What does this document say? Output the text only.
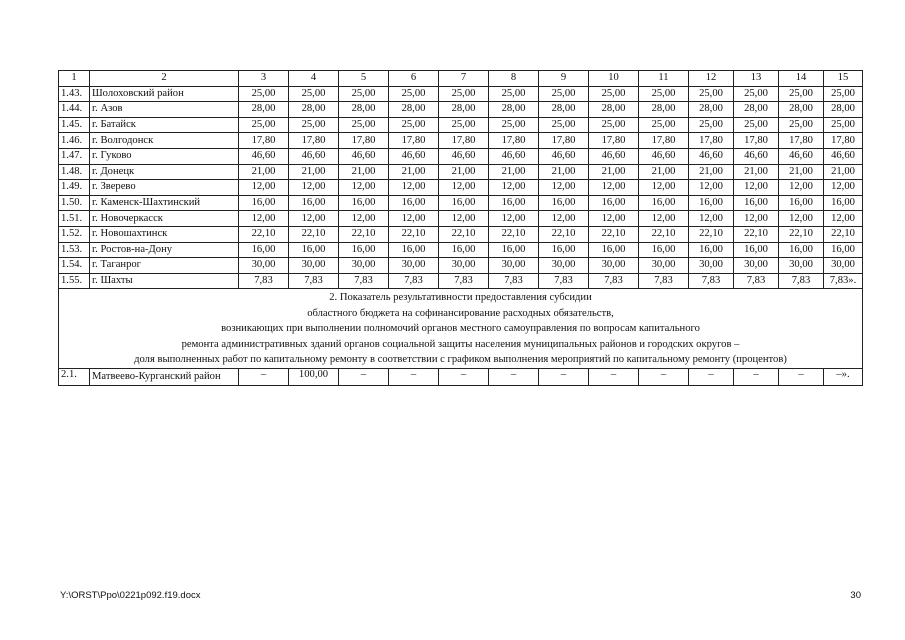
1	2	3	4	5	6	7	8	9	10	11	12	13	14	15
1.43.	Шолоховский район	25,00	25,00	25,00	25,00	25,00	25,00	25,00	25,00	25,00	25,00	25,00	25,00	25,00
1.44.	г. Азов	28,00	28,00	28,00	28,00	28,00	28,00	28,00	28,00	28,00	28,00	28,00	28,00	28,00
1.45.	г. Батайск	25,00	25,00	25,00	25,00	25,00	25,00	25,00	25,00	25,00	25,00	25,00	25,00	25,00
1.46.	г. Волгодонск	17,80	17,80	17,80	17,80	17,80	17,80	17,80	17,80	17,80	17,80	17,80	17,80	17,80
1.47.	г. Гуково	46,60	46,60	46,60	46,60	46,60	46,60	46,60	46,60	46,60	46,60	46,60	46,60	46,60
1.48.	г. Донецк	21,00	21,00	21,00	21,00	21,00	21,00	21,00	21,00	21,00	21,00	21,00	21,00	21,00
1.49.	г. Зверево	12,00	12,00	12,00	12,00	12,00	12,00	12,00	12,00	12,00	12,00	12,00	12,00	12,00
1.50.	г. Каменск-Шахтинский	16,00	16,00	16,00	16,00	16,00	16,00	16,00	16,00	16,00	16,00	16,00	16,00	16,00
1.51.	г. Новочеркасск	12,00	12,00	12,00	12,00	12,00	12,00	12,00	12,00	12,00	12,00	12,00	12,00	12,00
1.52.	г. Новошахтинск	22,10	22,10	22,10	22,10	22,10	22,10	22,10	22,10	22,10	22,10	22,10	22,10	22,10
1.53.	г. Ростов-на-Дону	16,00	16,00	16,00	16,00	16,00	16,00	16,00	16,00	16,00	16,00	16,00	16,00	16,00
1.54.	г. Таганрог	30,00	30,00	30,00	30,00	30,00	30,00	30,00	30,00	30,00	30,00	30,00	30,00	30,00
1.55.	г. Шахты	7,83	7,83	7,83	7,83	7,83	7,83	7,83	7,83	7,83	7,83	7,83	7,83	7,83».

2. Показатель результативности предоставления субсидии
областного бюджета на софинансирование расходных обязательств,
возникающих при выполнении полномочий органов местного самоуправления по вопросам капитального
ремонта административных зданий органов социальной защиты населения муниципальных районов и городских округов –
доля выполненных работ по капитальному ремонту в соответствии с графиком выполнения мероприятий по капитальному ремонту (процентов)														

2.1.	Матвеево-Курганский район	–	100,00	–	–	–	–	–	–	–	–	–	–	–».
Y:\ORST\Ppo\0221p092.f19.docx	30
